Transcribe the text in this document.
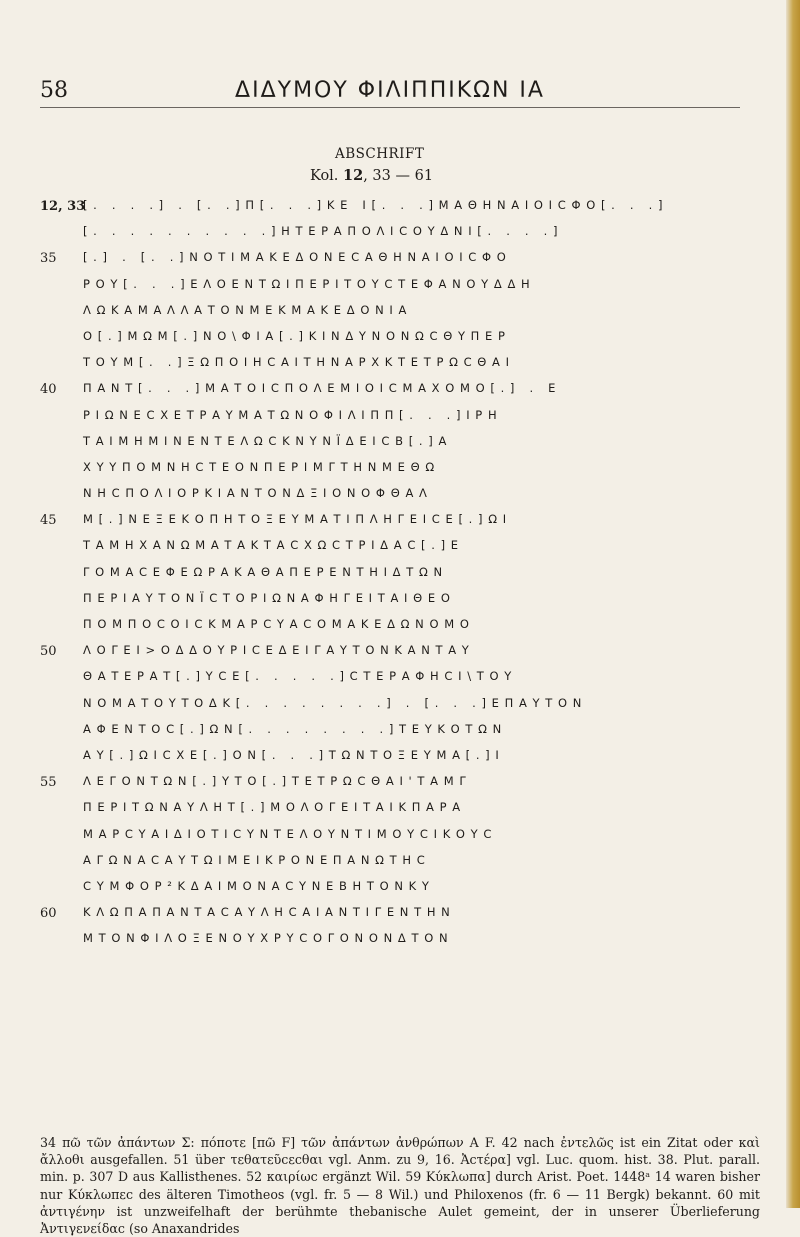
58	ΔΙΔΥΜΟΥ ΦΙΛΙΠΠΙΚΩΝ ΙΑ
ABSCHRIFT
Kol. 12, 33 — 61
12, 33
[. . . .] . [. .]Π[. . .]ΚΕ Ι[. . .]ΜΑΘΗΝΑΙΟΙϹΦΟ[. . .]
[. . . . . . . . . .]ΗΤΕΡΑΠΟΛΙϹΟΥΔΝΙ[. . . .]
35 [.] . [. .]ΝΟΤΙΜΑΚΕΔΟΝΕϹΑΘΗΝΑΙΟΙϹΦΟ
ΡΟΥ[. . .]ΕΛΟΕΝΤΩΙΠΕΡΙΤΟΥϹΤΕΦΑΝΟΥΔΔΗ
ΛΩΚΑΜΑΛΛΑΤΟΝΜΕΚΜΑΚΕΔΟΝΙΑ
Ο[.]ΜΩΜ[.]ΝΟ\ΦΙΑ[.]ΚΙΝΔΥΝΟΝΩϹΘΥΠΕΡ
ΤΟΥΜ[. .]ΞΩΠΟΙΗϹΑΙΤΗΝΑΡΧΚΤΕΤΡΩϹΘΑΙ
40 ΠΑΝΤ[. . .]ΜΑΤΟΙϹΠΟΛΕΜΙΟΙϹΜΑΧΟΜΟ[.] . Ε
ΡΙΩΝΕϹΧΕΤΡΑΥΜΑΤΩΝΟΦΙΛΙΠΠ[. . .]ΙΡΗ
ΤΑΙΜΗΜΙΝΕΝΤΕΛΩϹΚΝΥΝΪΔΕΙϹΒ[.]Α
ΧΥΥΠΟΜΝΗϹΤΕΟΝΠΕΡΙΜΓΤΗΝΜΕΘΩ
ΝΗϹΠΟΛΙΟΡΚΙΑΝΤΟΝΔΞΙΟΝΟΦΘΑΛ
45 Μ[.]ΝΕΞΕΚΟΠΗΤΟΞΕΥΜΑΤΙΠΛΗΓΕΙϹΕ[.]ΩΙ
ΤΑΜΗΧΑΝΩΜΑΤΑΚΤΑϹΧΩϹΤΡΙΔΑϹ[.]Ε
ΓΟΜΑϹΕΦΕΩΡΑΚΑΘΑΠΕΡΕΝΤΗΙΔΤΩΝ
ΠΕΡΙΑΥΤΟΝΪϹΤΟΡΙΩΝΑΦΗΓΕΙΤΑΙΘΕΟ
ΠΟΜΠΟϹΟΙϹΚΜΑΡϹΥΑϹΟΜΑΚΕΔΩΝΟΜΟ
50 ΛΟΓΕΙ>ΟΔΔΟΥΡΙϹΕΔΕΙΓΑΥΤΟΝΚΑΝΤΑΥ
ΘΑΤΕΡΑΤ[.]ΥϹΕ[. . . . .]ϹΤΕΡΑΦΗϹΙ\ΤΟΥ
ΝΟΜΑΤΟΥΤΟΔΚ[. . . . . . . .] . [. . .]ΕΠΑΥΤΟΝ
ΑΦΕΝΤΟϹ[.]ΩΝ[. . . . . . . .]ΤΕΥΚΟΤΩΝ
ΑΥ[.]ΩΙϹΧΕ[.]ΟΝ[. . .]ΤΩΝΤΟΞΕΥΜΑ[.]Ι
55 ΛΕΓΟΝΤΩΝ[.]ΥΤΟ[.]ΤΕΤΡΩϹΘΑΙ'ΤΑΜΓ
ΠΕΡΙΤΩΝΑΥΛΗΤ[.]ΜΟΛΟΓΕΙΤΑΙΚΠΑΡΑ
ΜΑΡϹΥΑΙΔΙΟΤΙϹΥΝΤΕΛΟΥΝΤΙΜΟΥϹΙΚΟΥϹ
ΑΓΩΝΑϹΑΥΤΩΙΜΕΙΚΡΟΝΕΠΑΝΩΤΗϹ
ϹΥΜΦΟΡ²ΚΔΑΙΜΟΝΑϹΥΝΕΒΗΤΟΝΚΥ
60 ΚΛΩΠΑΠΑΝΤΑϹΑΥΛΗϹΑΙΑΝΤΙΓΕΝΤΗΝ
ΜΤΟΝΦΙΛΟΞΕΝΟΥΧΡΥϹΟΓΟΝΟΝΔΤΟΝ
34 πῶ τῶν ἀπάντων Σ: πόποτε [πῶ F] τῶν ἀπάντων ἀνθρώπων A F. 42 nach ἐντελῶς ist ein Zitat oder καὶ ἄλλοθι ausgefallen. 51 über τεθατεῦϲεϲθαι vgl. Anm. zu 9, 16. Ἀϲτέρα] vgl. Luc. quom. hist. 38. Plut. parall. min. p. 307 D aus Kallisthenes. 52 καιρίωϲ ergänzt Wil. 59 Κύκλωπα] durch Arist. Poet. 1448ᵃ 14 waren bisher nur Κύκλωπεϲ des älteren Timotheos (vgl. fr. 5 — 8 Wil.) und Philoxenos (fr. 6 — 11 Bergk) bekannt. 60 mit ἀντιγένην ist unzweifelhaft der berühmte thebanische Aulet gemeint, der in unserer Überlieferung Ἀντιγενείδαϲ (so Anaxandrides
